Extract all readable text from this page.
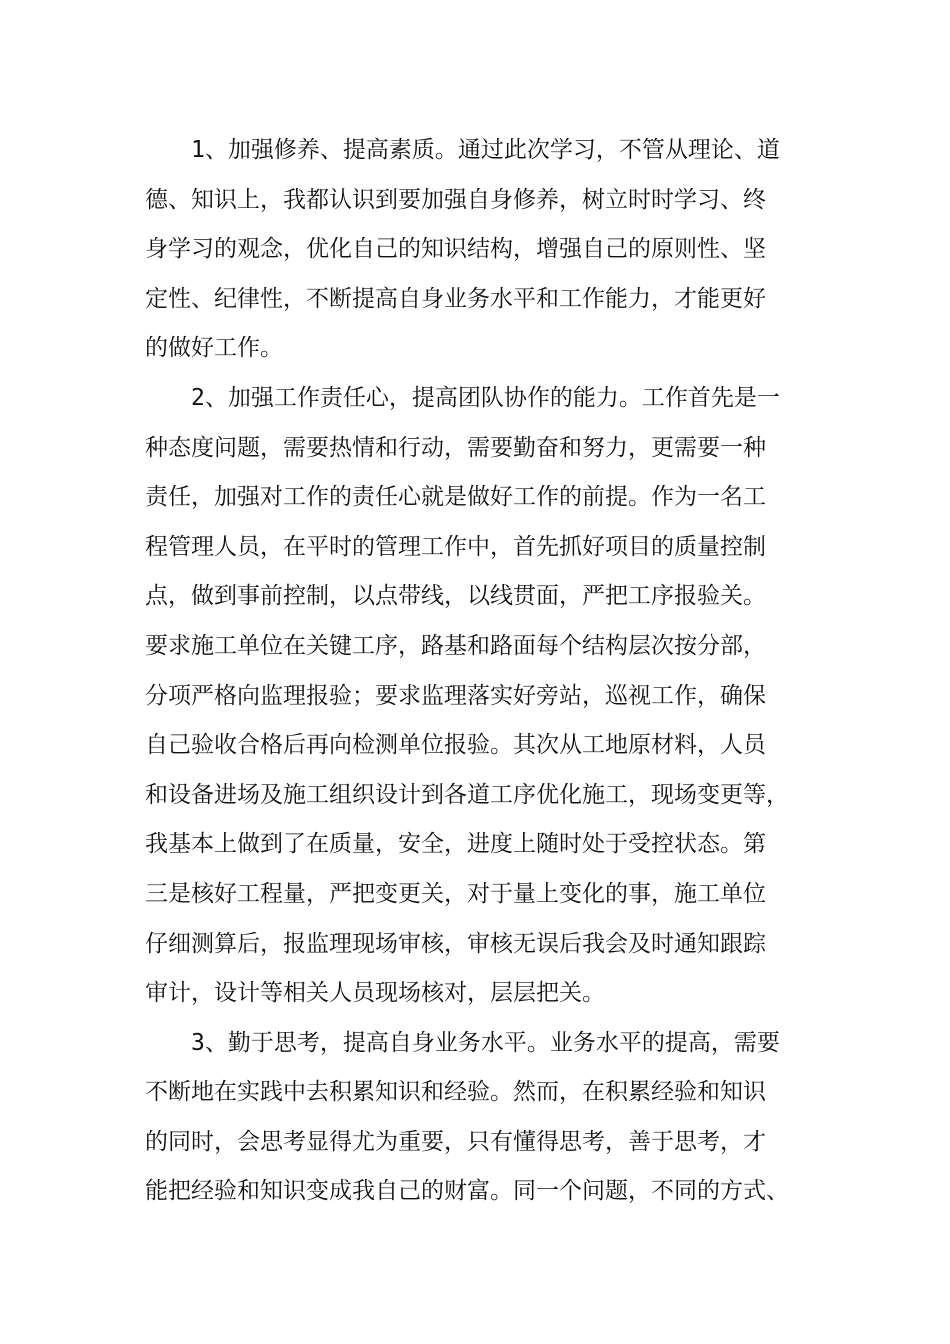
1、加强修养、提高素质。通过此次学习，不管从理论、道
德、知识上，我都认识到要加强自身修养，树立时时学习、终
身学习的观念，优化自己的知识结构，增强自己的原则性、坚
定性、纪律性，不断提高自身业务水平和工作能力，才能更好
的做好工作。
2、加强工作责任心，提高团队协作的能力。工作首先是一
种态度问题，需要热情和行动，需要勤奋和努力，更需要一种
责任，加强对工作的责任心就是做好工作的前提。作为一名工
程管理人员，在平时的管理工作中，首先抓好项目的质量控制
点，做到事前控制，以点带线，以线贯面，严把工序报验关。
要求施工单位在关键工序，路基和路面每个结构层次按分部，
分项严格向监理报验；要求监理落实好旁站，巡视工作，确保
自己验收合格后再向检测单位报验。其次从工地原材料，人员
和设备进场及施工组织设计到各道工序优化施工，现场变更等，
我基本上做到了在质量，安全，进度上随时处于受控状态。第
三是核好工程量，严把变更关，对于量上变化的事，施工单位
仔细测算后，报监理现场审核，审核无误后我会及时通知跟踪
审计，设计等相关人员现场核对，层层把关。
3、勤于思考，提高自身业务水平。业务水平的提高，需要
不断地在实践中去积累知识和经验。然而，在积累经验和知识
的同时，会思考显得尤为重要，只有懂得思考，善于思考，才
能把经验和知识变成我自己的财富。同一个问题，不同的方式、
